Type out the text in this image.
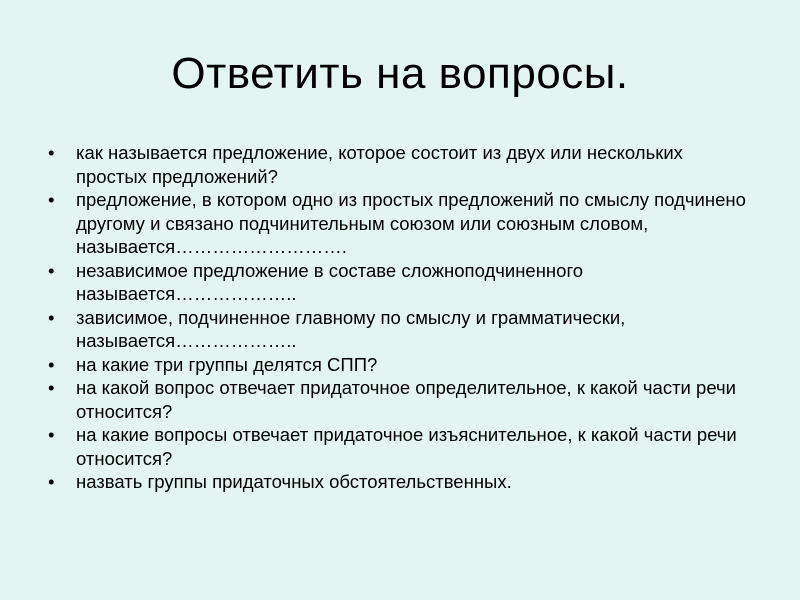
Ответить на вопросы.
•	как называется предложение, которое состоит из двух или нескольких простых предложений?
•	предложение, в котором одно из простых предложений по смыслу подчинено другому и связано подчинительным союзом или союзным словом, называется……………………….
•	независимое предложение в составе сложноподчиненного называется………………..
•	зависимое, подчиненное главному по смыслу и грамматически, называется………………..
•	на какие три группы делятся СПП?
•	на какой вопрос отвечает придаточное определительное, к какой части речи относится?
•	на какие вопросы отвечает придаточное изъяснительное, к какой части речи относится?
•	назвать группы придаточных обстоятельственных.
